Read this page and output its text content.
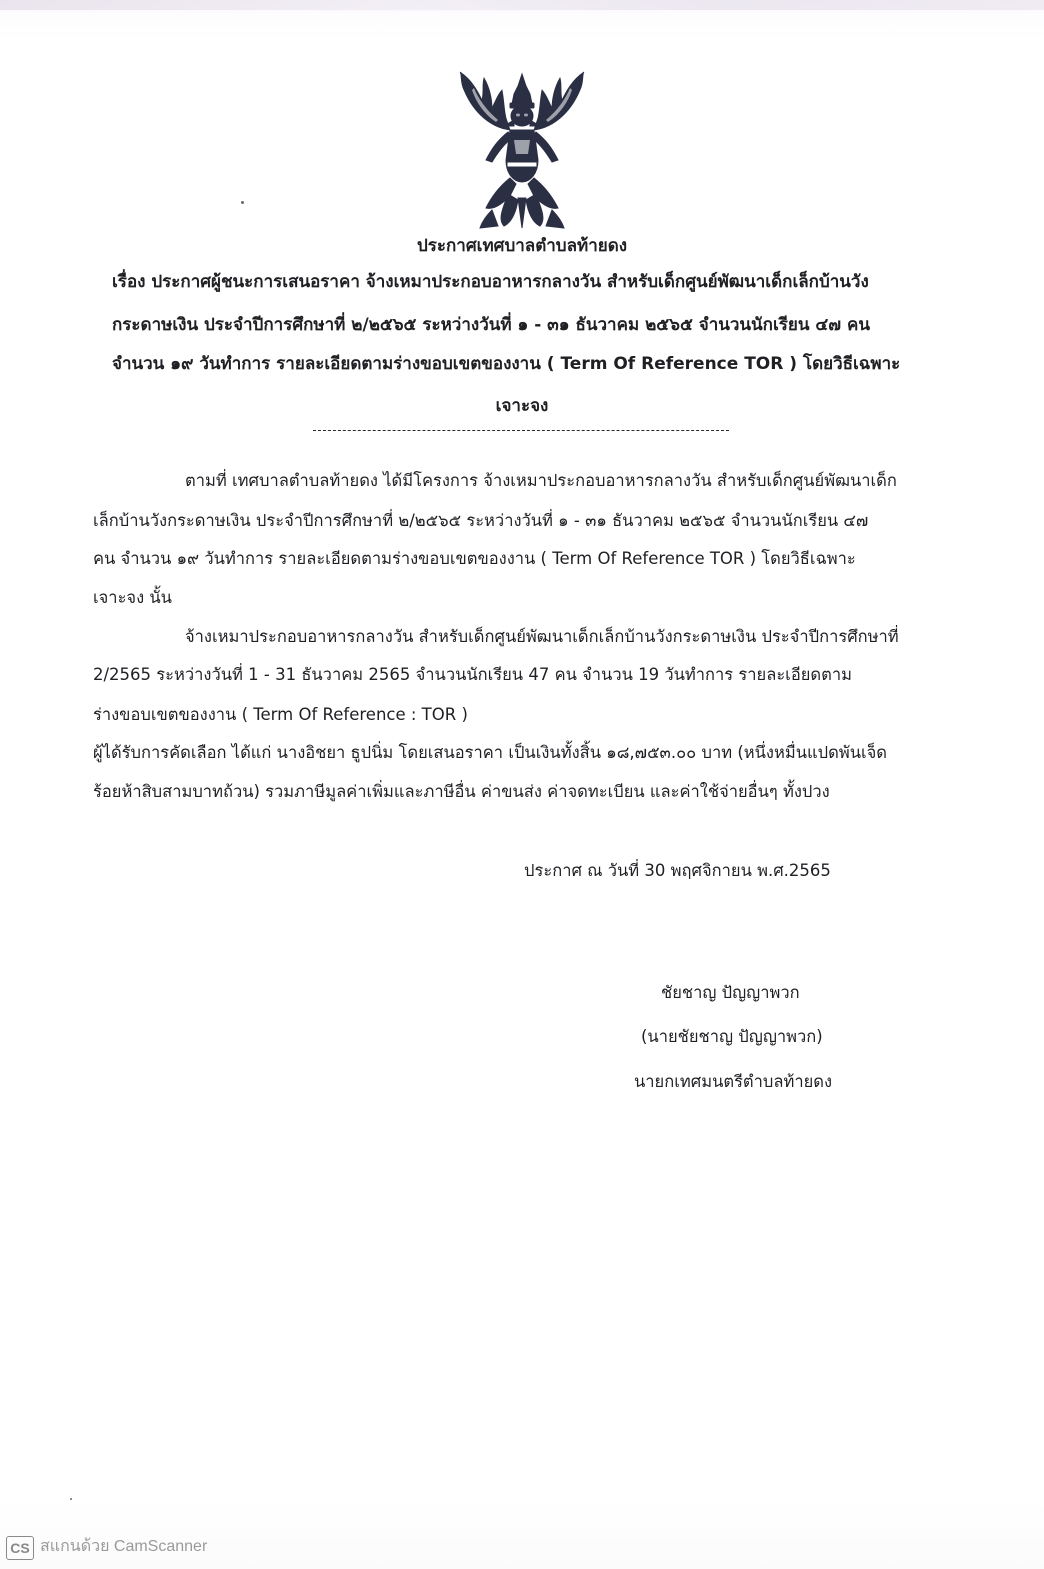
ประกาศเทศบาลตำบลท้ายดง
เรื่อง ประกาศผู้ชนะการเสนอราคา จ้างเหมาประกอบอาหารกลางวัน สำหรับเด็กศูนย์พัฒนาเด็กเล็กบ้านวัง
กระดาษเงิน ประจำปีการศึกษาที่ ๒/๒๕๖๕ ระหว่างวันที่ ๑ - ๓๑ ธันวาคม ๒๕๖๕ จำนวนนักเรียน ๔๗ คน
จำนวน ๑๙ วันทำการ รายละเอียดตามร่างขอบเขตของงาน ( Term Of Reference TOR ) โดยวิธีเฉพาะ
เจาะจง
ตามที่ เทศบาลตำบลท้ายดง ได้มีโครงการ จ้างเหมาประกอบอาหารกลางวัน สำหรับเด็กศูนย์พัฒนาเด็ก
เล็กบ้านวังกระดาษเงิน ประจำปีการศึกษาที่ ๒/๒๕๖๕ ระหว่างวันที่ ๑ - ๓๑ ธันวาคม ๒๕๖๕ จำนวนนักเรียน ๔๗
คน จำนวน ๑๙ วันทำการ รายละเอียดตามร่างขอบเขตของงาน ( Term Of Reference TOR ) โดยวิธีเฉพาะ
เจาะจง นั้น
จ้างเหมาประกอบอาหารกลางวัน สำหรับเด็กศูนย์พัฒนาเด็กเล็กบ้านวังกระดาษเงิน ประจำปีการศึกษาที่
2/2565 ระหว่างวันที่ 1 - 31 ธันวาคม 2565 จำนวนนักเรียน 47 คน จำนวน 19 วันทำการ รายละเอียดตาม
ร่างขอบเขตของงาน ( Term Of Reference : TOR )
ผู้ได้รับการคัดเลือก ได้แก่ นางอิชยา ธูปนิ่ม โดยเสนอราคา เป็นเงินทั้งสิ้น ๑๘,๗๕๓.๐๐ บาท (หนึ่งหมื่นแปดพันเจ็ด
ร้อยห้าสิบสามบาทถ้วน) รวมภาษีมูลค่าเพิ่มและภาษีอื่น ค่าขนส่ง ค่าจดทะเบียน และค่าใช้จ่ายอื่นๆ ทั้งปวง
ประกาศ ณ วันที่ 30 พฤศจิกายน พ.ศ.2565
ชัยชาญ ปัญญาพวก
(นายชัยชาญ ปัญญาพวก)
นายกเทศมนตรีตำบลท้ายดง
CS สแกนด้วย CamScanner
